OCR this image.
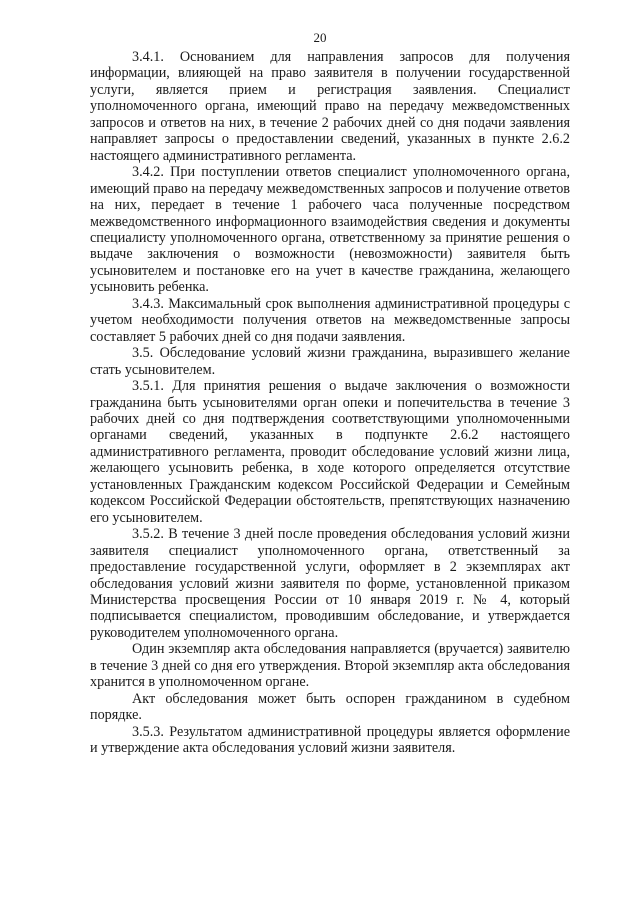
20

3.4.1. Основанием для направления запросов для получения информации, влияющей на право заявителя в получении государственной услуги, является прием и регистрация заявления. Специалист уполномоченного органа, имеющий право на передачу межведомственных запросов и ответов на них, в течение 2 рабочих дней со дня подачи заявления направляет запросы о предоставлении сведений, указанных в пункте 2.6.2 настоящего административного регламента.

3.4.2. При поступлении ответов специалист уполномоченного органа, имеющий право на передачу межведомственных запросов и получение ответов на них, передает в течение 1 рабочего часа полученные посредством межведомственного информационного взаимодействия сведения и документы специалисту уполномоченного органа, ответственному за принятие решения о выдаче заключения о возможности (невозможности) заявителя быть усыновителем и постановке его на учет в качестве гражданина, желающего усыновить ребенка.

3.4.3. Максимальный срок выполнения административной процедуры с учетом необходимости получения ответов на межведомственные запросы составляет 5 рабочих дней со дня подачи заявления.

3.5. Обследование условий жизни гражданина, выразившего желание стать усыновителем.

3.5.1. Для принятия решения о выдаче заключения о возможности гражданина быть усыновителями орган опеки и попечительства в течение 3 рабочих дней со дня подтверждения соответствующими уполномоченными органами сведений, указанных в подпункте 2.6.2 настоящего административного регламента, проводит обследование условий жизни лица, желающего усыновить ребенка, в ходе которого определяется отсутствие установленных Гражданским кодексом Российской Федерации и Семейным кодексом Российской Федерации обстоятельств, препятствующих назначению его усыновителем.

3.5.2. В течение 3 дней после проведения обследования условий жизни заявителя специалист уполномоченного органа, ответственный за предоставление государственной услуги, оформляет в 2 экземплярах акт обследования условий жизни заявителя по форме, установленной приказом Министерства просвещения России от 10 января 2019 г. № 4, который подписывается специалистом, проводившим обследование, и утверждается руководителем уполномоченного органа.

Один экземпляр акта обследования направляется (вручается) заявителю в течение 3 дней со дня его утверждения. Второй экземпляр акта обследования хранится в уполномоченном органе.

Акт обследования может быть оспорен гражданином в судебном порядке.

3.5.3. Результатом административной процедуры является оформление и утверждение акта обследования условий жизни заявителя.
